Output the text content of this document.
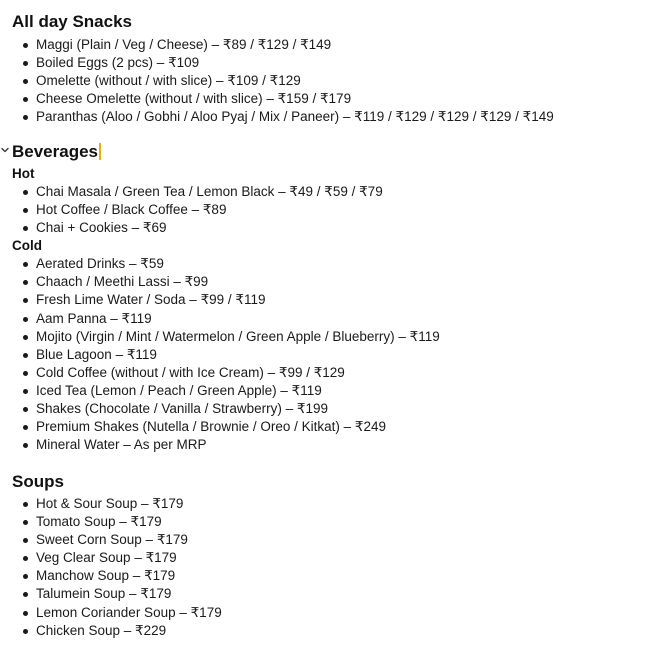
All day Snacks
Maggi (Plain / Veg / Cheese) – ₹89 / ₹129 / ₹149
Boiled Eggs (2 pcs) – ₹109
Omelette (without / with slice) – ₹109 / ₹129
Cheese Omelette (without / with slice) – ₹159 / ₹179
Paranthas (Aloo / Gobhi / Aloo Pyaj / Mix / Paneer) – ₹119 / ₹129 / ₹129 / ₹129 / ₹149
Beverages
Hot
Chai Masala / Green Tea / Lemon Black – ₹49 / ₹59 / ₹79
Hot Coffee / Black Coffee – ₹89
Chai + Cookies – ₹69
Cold
Aerated Drinks – ₹59
Chaach / Meethi Lassi – ₹99
Fresh Lime Water / Soda – ₹99 / ₹119
Aam Panna – ₹119
Mojito (Virgin / Mint / Watermelon / Green Apple / Blueberry) – ₹119
Blue Lagoon – ₹119
Cold Coffee (without / with Ice Cream) – ₹99 / ₹129
Iced Tea (Lemon / Peach / Green Apple) – ₹119
Shakes (Chocolate / Vanilla / Strawberry) – ₹199
Premium Shakes (Nutella / Brownie / Oreo / Kitkat) – ₹249
Mineral Water – As per MRP
Soups
Hot & Sour Soup – ₹179
Tomato Soup – ₹179
Sweet Corn Soup – ₹179
Veg Clear Soup – ₹179
Manchow Soup – ₹179
Talumein Soup – ₹179
Lemon Coriander Soup – ₹179
Chicken Soup – ₹229
